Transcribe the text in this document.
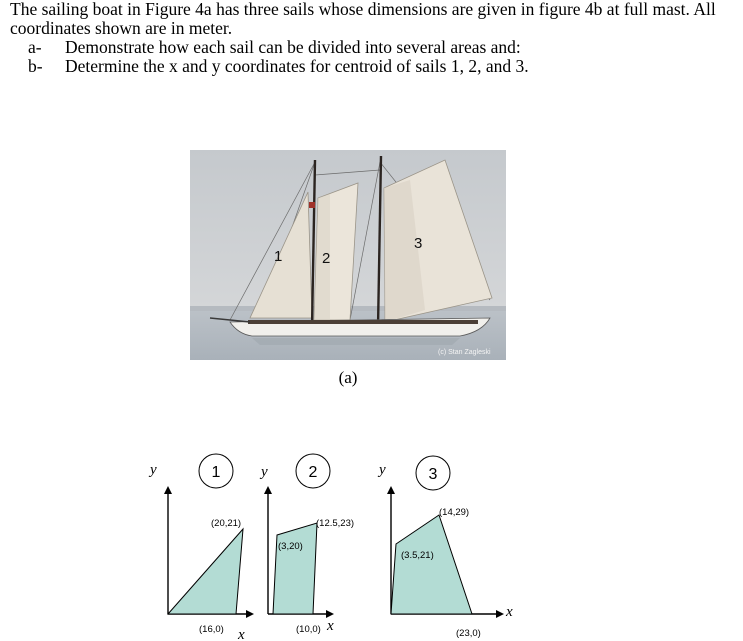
The sailing boat in Figure 4a has three sails whose dimensions are given in figure 4b at full mast. All coordinates shown are in meter.

a- Demonstrate how each sail can be divided into several areas and:

b- Determine the x and y coordinates for centroid of sails 1, 2, and 3.

1	2
3
(c) Stan Zagleski
(a)
y	1
(20,21)
(16,0) x
y	2
(12.5,23)
(3,20)
(10,0) x
y	3
(14,29)
(3.5,21)
(23,0)
x
